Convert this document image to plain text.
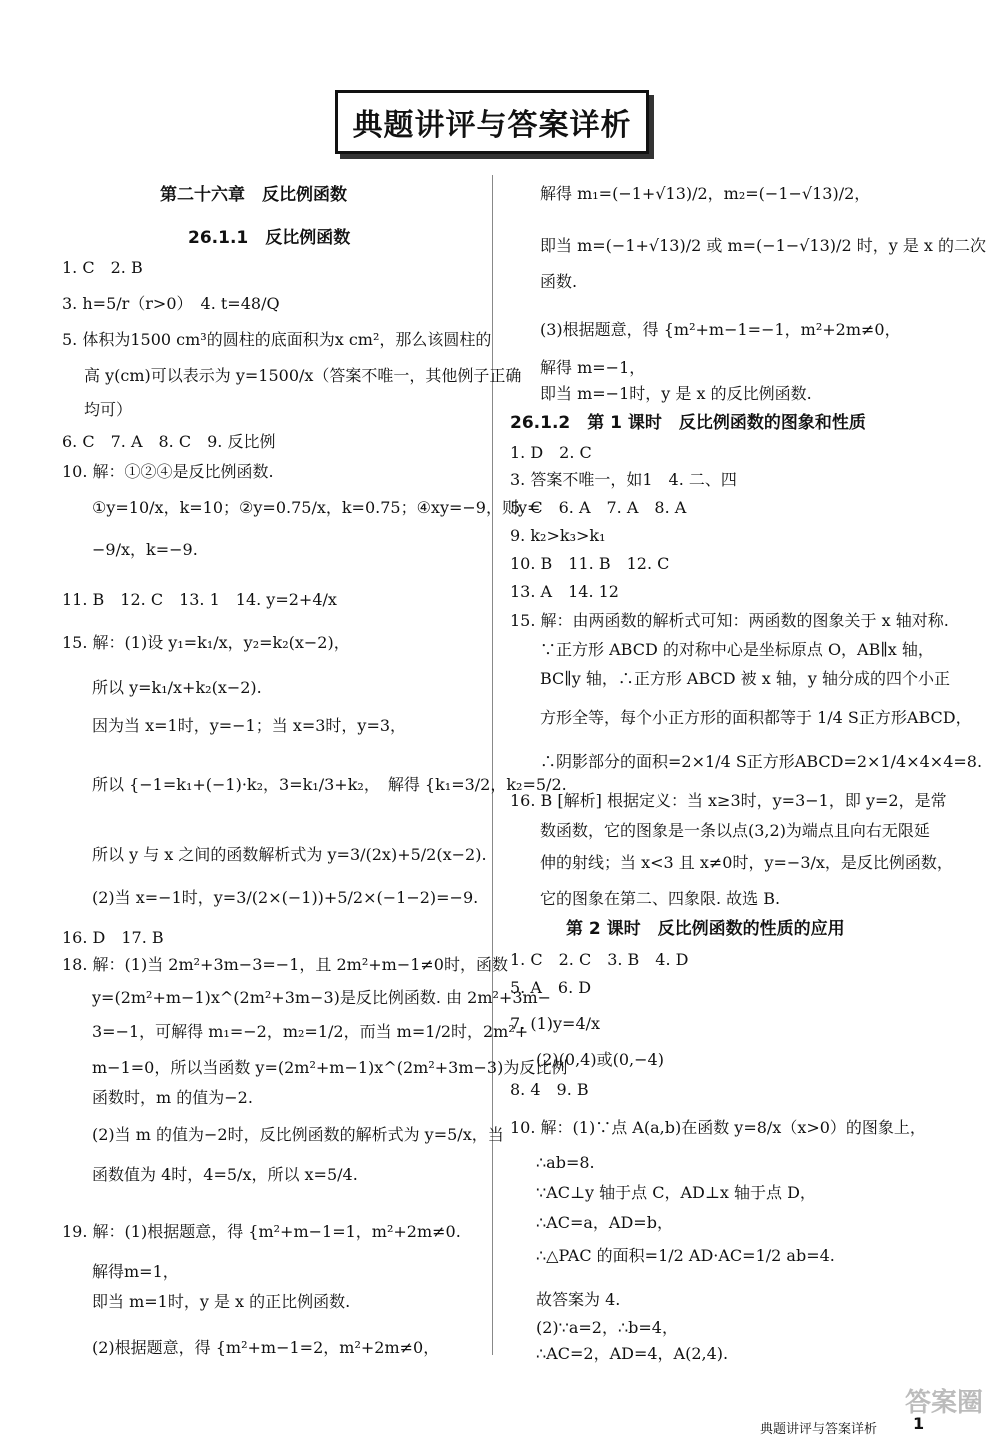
典题讲评与答案详析
第二十六章　反比例函数
26.1.1　反比例函数
1. C　2. B
3. h=5/r（r>0）　4. t=48/Q
5. 体积为1500 cm³的圆柱的底面积为x cm²，那么该圆柱的
高 y(cm)可以表示为 y=1500/x（答案不唯一，其他例子正确
均可）
6. C　7. A　8. C　9. 反比例
10. 解：①②④是反比例函数.
①y=10/x，k=10；②y=0.75/x，k=0.75；④xy=−9，则y=
−9/x，k=−9.
11. B　12. C　13. 1　14. y=2+4/x
15. 解：(1)设 y₁=k₁/x，y₂=k₂(x−2)，
所以 y=k₁/x+k₂(x−2).
因为当 x=1时，y=−1；当 x=3时，y=3，
所以 {−1=k₁+(−1)·k₂，3=k₁/3+k₂，　解得 {k₁=3/2，k₂=5/2.
所以 y 与 x 之间的函数解析式为 y=3/(2x)+5/2(x−2).
(2)当 x=−1时，y=3/(2×(−1))+5/2×(−1−2)=−9.
16. D　17. B
18. 解：(1)当 2m²+3m−3=−1，且 2m²+m−1≠0时，函数
y=(2m²+m−1)x^(2m²+3m−3)是反比例函数. 由 2m²+3m−
3=−1，可解得 m₁=−2，m₂=1/2，而当 m=1/2时，2m²+
m−1=0，所以当函数 y=(2m²+m−1)x^(2m²+3m−3)为反比例
函数时，m 的值为−2.
(2)当 m 的值为−2时，反比例函数的解析式为 y=5/x，当
函数值为 4时，4=5/x，所以 x=5/4.
19. 解：(1)根据题意，得 {m²+m−1=1，m²+2m≠0.
解得m=1，
即当 m=1时，y 是 x 的正比例函数.
(2)根据题意，得 {m²+m−1=2，m²+2m≠0，
解得 m₁=(−1+√13)/2，m₂=(−1−√13)/2，
即当 m=(−1+√13)/2 或 m=(−1−√13)/2 时，y 是 x 的二次
函数.
(3)根据题意，得 {m²+m−1=−1，m²+2m≠0，
解得 m=−1，
即当 m=−1时，y 是 x 的反比例函数.
26.1.2　第 1 课时　反比例函数的图象和性质
1. D　2. C
3. 答案不唯一，如1　4. 二、四
5. C　6. A　7. A　8. A
9. k₂>k₃>k₁
10. B　11. B　12. C
13. A　14. 12
15. 解：由两函数的解析式可知：两函数的图象关于 x 轴对称.
∵正方形 ABCD 的对称中心是坐标原点 O，AB∥x 轴，
BC∥y 轴，∴正方形 ABCD 被 x 轴，y 轴分成的四个小正
方形全等，每个小正方形的面积都等于 1/4 S正方形ABCD，
∴阴影部分的面积=2×1/4 S正方形ABCD=2×1/4×4×4=8.
16. B [解析] 根据定义：当 x≥3时，y=3−1，即 y=2，是常
数函数，它的图象是一条以点(3,2)为端点且向右无限延
伸的射线；当 x<3 且 x≠0时，y=−3/x，是反比例函数，
它的图象在第二、四象限. 故选 B.
第 2 课时　反比例函数的性质的应用
1. C　2. C　3. B　4. D
5. A　6. D
7. (1)y=4/x
(2)(0,4)或(0,−4)
8. 4　9. B
10. 解：(1)∵点 A(a,b)在函数 y=8/x（x>0）的图象上，
∴ab=8.
∵AC⊥y 轴于点 C，AD⊥x 轴于点 D，
∴AC=a，AD=b，
∴△PAC 的面积=1/2 AD·AC=1/2 ab=4.
故答案为 4.
(2)∵a=2，∴b=4，
∴AC=2，AD=4，A(2,4).
典题讲评与答案详析 1
答案圈
